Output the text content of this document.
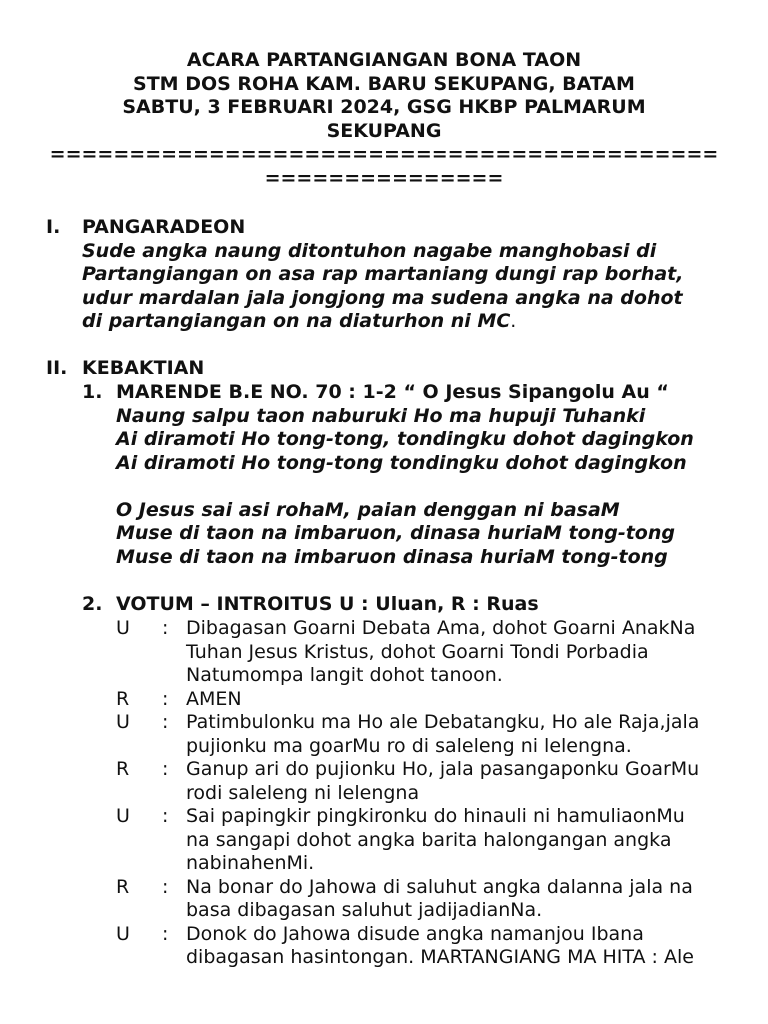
ACARA PARTANGIANGAN BONA TAON
STM DOS ROHA KAM. BARU SEKUPANG, BATAM
SABTU, 3 FEBRUARI 2024, GSG HKBP PALMARUM
SEKUPANG
==========================================
===============
I.	PANGARADEON
Sude angka naung ditontuhon nagabe manghobasi di
Partangiangan on asa rap martaniang dungi rap borhat,
udur mardalan jala jongjong ma sudena angka na dohot
di partangiangan on na diaturhon ni MC.
II. KEBAKTIAN
1. MARENDE B.E NO. 70 : 1-2 “ O Jesus Sipangolu Au “
Naung salpu taon naburuki Ho ma hupuji Tuhanki
Ai diramoti Ho tong-tong, tondingku dohot dagingkon
Ai diramoti Ho tong-tong tondingku dohot dagingkon
O Jesus sai asi rohaM, paian denggan ni basaM
Muse di taon na imbaruon, dinasa huriaM tong-tong
Muse di taon na imbaruon dinasa huriaM tong-tong
2. VOTUM – INTROITUS U : Uluan, R : Ruas
U	: Dibagasan Goarni Debata Ama, dohot Goarni AnakNa
Tuhan Jesus Kristus, dohot Goarni Tondi Porbadia
Natumompa langit dohot tanoon.
R	: AMEN
U	: Patimbulonku ma Ho ale Debatangku, Ho ale Raja,jala
pujionku ma goarMu ro di saleleng ni lelengna.
R	: Ganup ari do pujionku Ho, jala pasangaponku GoarMu
rodi saleleng ni lelengna
U	: Sai papingkir pingkironku do hinauli ni hamuliaonMu
na sangapi dohot angka barita halongangan angka
nabinahenMi.
R	: Na bonar do Jahowa di saluhut angka dalanna jala na
basa dibagasan saluhut jadijadianNa.
U	: Donok do Jahowa disude angka namanjou Ibana
dibagasan hasintongan. MARTANGIANG MA HITA : Ale
